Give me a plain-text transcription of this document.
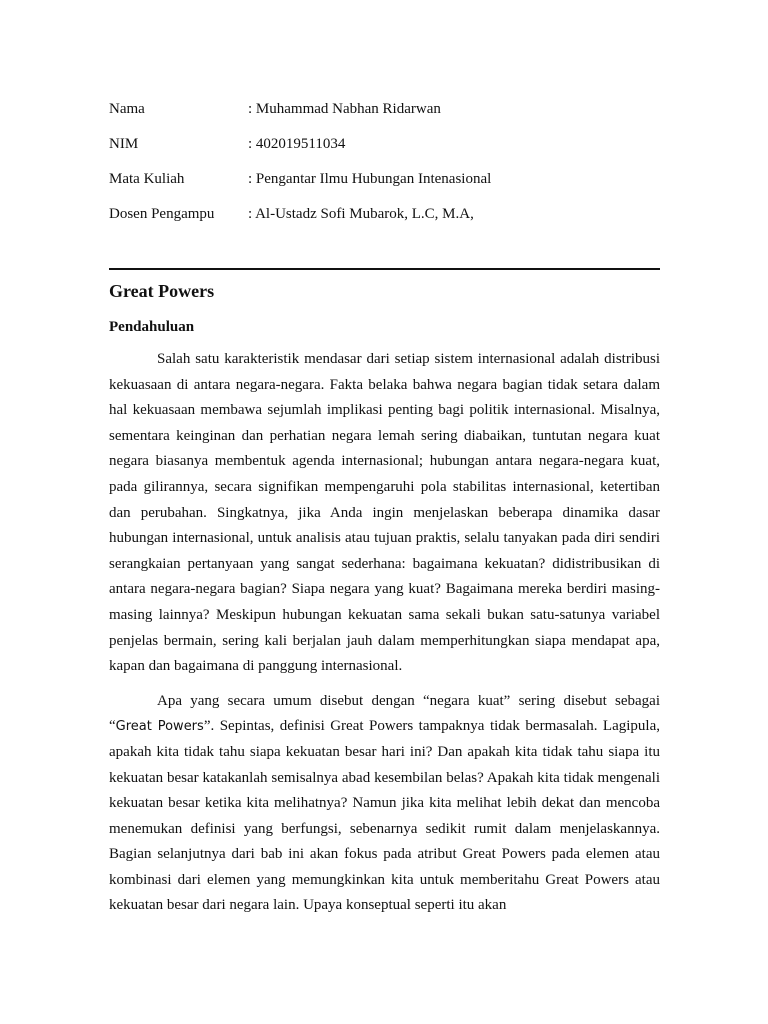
Nama	: Muhammad Nabhan Ridarwan
NIM	: 402019511034
Mata Kuliah	: Pengantar Ilmu Hubungan Intenasional
Dosen Pengampu	: Al-Ustadz Sofi Mubarok, L.C, M.A,
Great Powers
Pendahuluan

Salah satu karakteristik mendasar dari setiap sistem internasional adalah distribusi kekuasaan di antara negara-negara. Fakta belaka bahwa negara bagian tidak setara dalam hal kekuasaan membawa sejumlah implikasi penting bagi politik internasional. Misalnya, sementara keinginan dan perhatian negara lemah sering diabaikan, tuntutan negara kuat negara biasanya membentuk agenda internasional; hubungan antara negara-negara kuat, pada gilirannya, secara signifikan mempengaruhi pola stabilitas internasional, ketertiban dan perubahan. Singkatnya, jika Anda ingin menjelaskan beberapa dinamika dasar hubungan internasional, untuk analisis atau tujuan praktis, selalu tanyakan pada diri sendiri serangkaian pertanyaan yang sangat sederhana: bagaimana kekuatan? didistribusikan di antara negara-negara bagian? Siapa negara yang kuat? Bagaimana mereka berdiri masing-masing lainnya? Meskipun hubungan kekuatan sama sekali bukan satu-satunya variabel penjelas bermain, sering kali berjalan jauh dalam memperhitungkan siapa mendapat apa, kapan dan bagaimana di panggung internasional.

Apa yang secara umum disebut dengan “negara kuat” sering disebut sebagai “Great Powers”. Sepintas, definisi Great Powers tampaknya tidak bermasalah. Lagipula, apakah kita tidak tahu siapa kekuatan besar hari ini? Dan apakah kita tidak tahu siapa itu kekuatan besar katakanlah semisalnya abad kesembilan belas? Apakah kita tidak mengenali kekuatan besar ketika kita melihatnya? Namun jika kita melihat lebih dekat dan mencoba menemukan definisi yang berfungsi, sebenarnya sedikit rumit dalam menjelaskannya. Bagian selanjutnya dari bab ini akan fokus pada atribut Great Powers pada elemen atau kombinasi dari elemen yang memungkinkan kita untuk memberitahu Great Powers atau kekuatan besar dari negara lain. Upaya konseptual seperti itu akan
